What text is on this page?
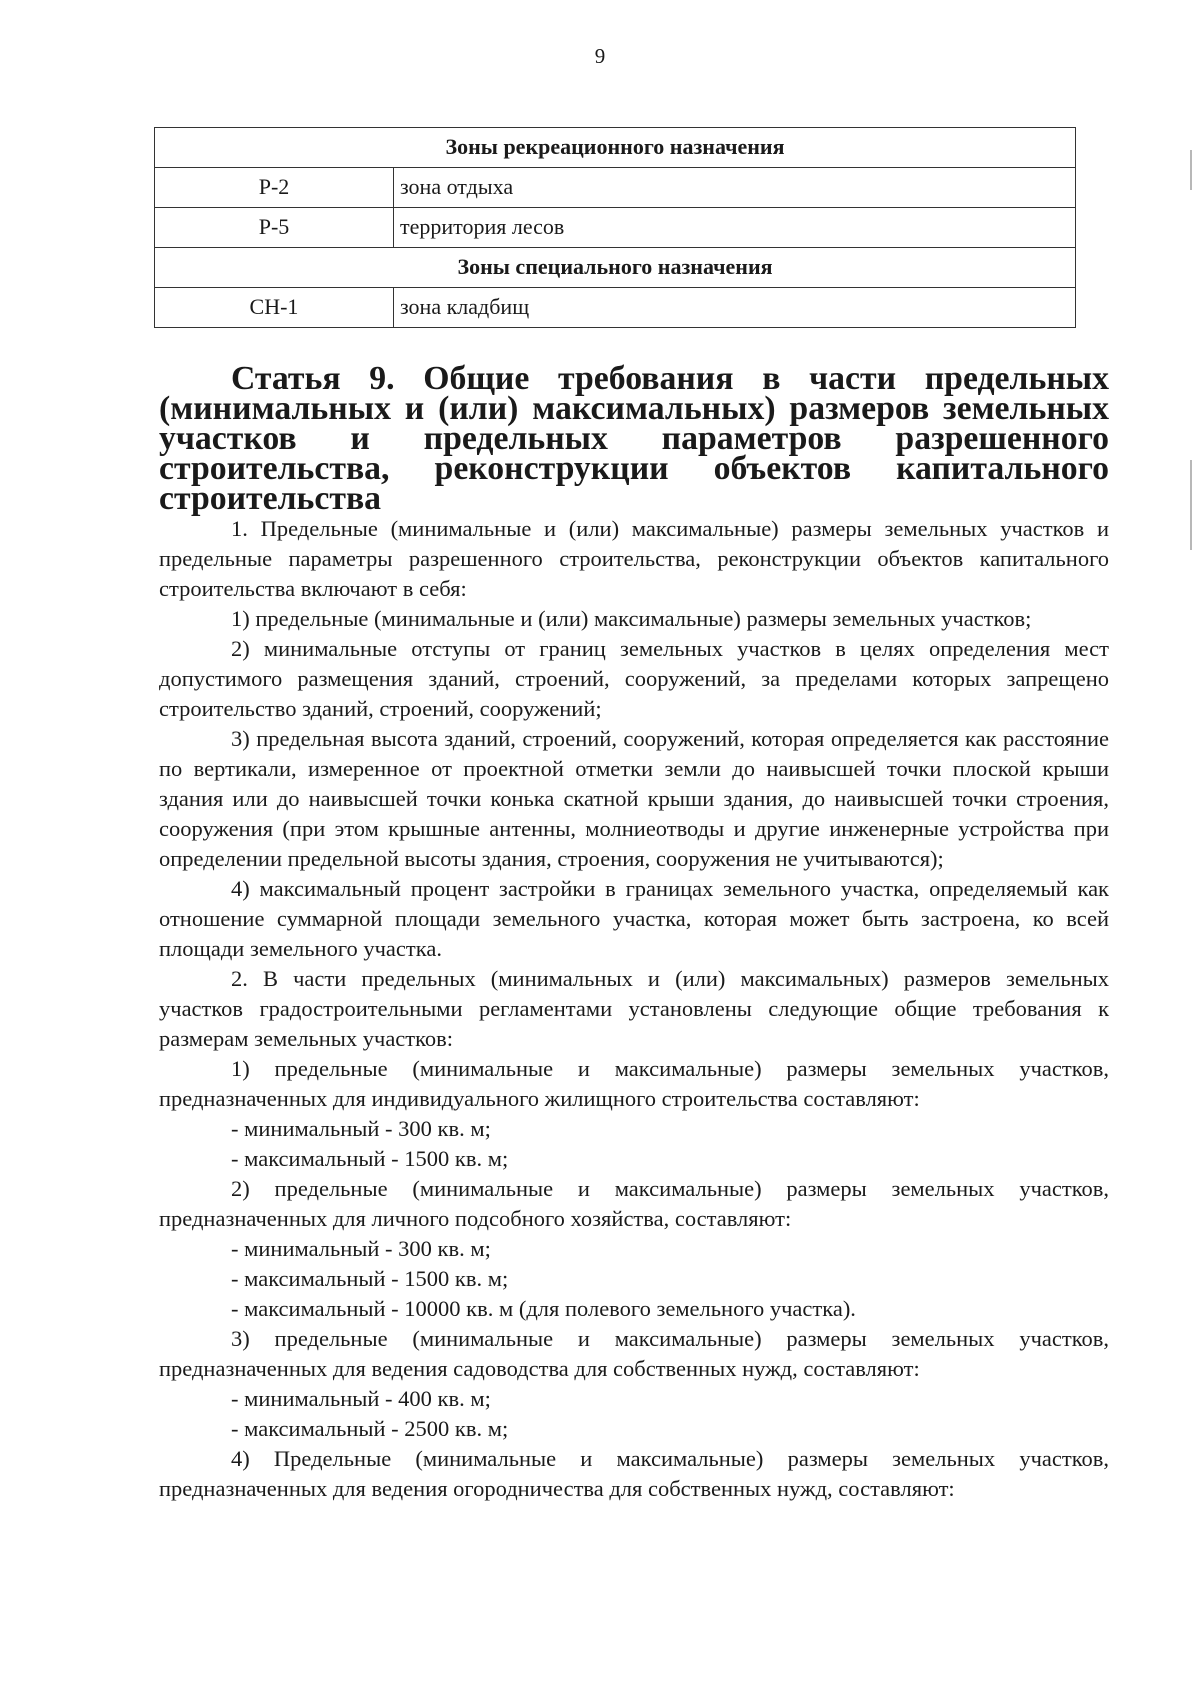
9

Зоны рекреационного назначения	
Р-2	зона отдыха
Р-5	территория лесов
Зоны специального назначения	
СН-1	зона кладбищ
Статья 9. Общие требования в части предельных (минимальных и (или) максимальных) размеров земельных участков и предельных параметров разрешенного строительства, реконструкции объектов капитального строительства

1. Предельные (минимальные и (или) максимальные) размеры земельных участков и предельные параметры разрешенного строительства, реконструкции объектов капитального строительства включают в себя:

1) предельные (минимальные и (или) максимальные) размеры земельных участков;

2) минимальные отступы от границ земельных участков в целях определения мест допустимого размещения зданий, строений, сооружений, за пределами которых запрещено строительство зданий, строений, сооружений;

3) предельная высота зданий, строений, сооружений, которая определяется как расстояние по вертикали, измеренное от проектной отметки земли до наивысшей точки плоской крыши здания или до наивысшей точки конька скатной крыши здания, до наивысшей точки строения, сооружения (при этом крышные антенны, молниеотводы и другие инженерные устройства при определении предельной высоты здания, строения, сооружения не учитываются);

4) максимальный процент застройки в границах земельного участка, определяемый как отношение суммарной площади земельного участка, которая может быть застроена, ко всей площади земельного участка.

2. В части предельных (минимальных и (или) максимальных) размеров земельных участков градостроительными регламентами установлены следующие общие требования к размерам земельных участков:

1) предельные (минимальные и максимальные) размеры земельных участков, предназначенных для индивидуального жилищного строительства составляют:

- минимальный - 300 кв. м;

- максимальный - 1500 кв. м;

2) предельные (минимальные и максимальные) размеры земельных участков, предназначенных для личного подсобного хозяйства, составляют:

- минимальный - 300 кв. м;

- максимальный - 1500 кв. м;

- максимальный - 10000 кв. м (для полевого земельного участка).

3) предельные (минимальные и максимальные) размеры земельных участков, предназначенных для ведения садоводства для собственных нужд, составляют:

- минимальный - 400 кв. м;

- максимальный - 2500 кв. м;

4) Предельные (минимальные и максимальные) размеры земельных участков, предназначенных для ведения огородничества для собственных нужд, составляют:
